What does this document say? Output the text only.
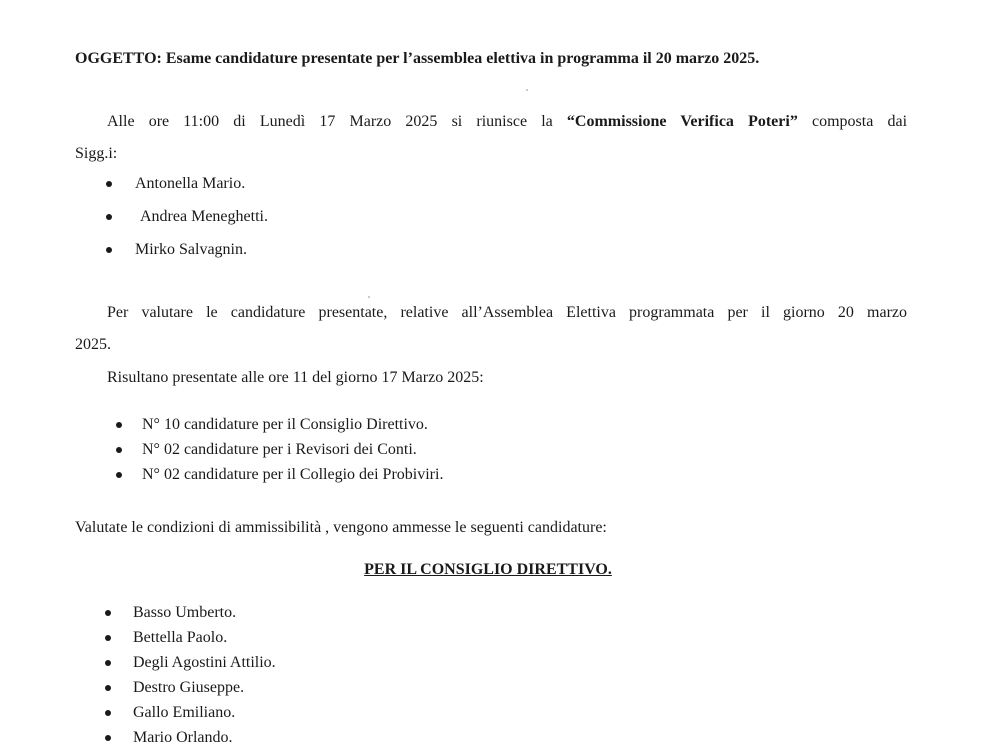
OGGETTO: Esame candidature presentate per l’assemblea elettiva in programma il 20 marzo 2025.
Alle ore 11:00 di Lunedì 17 Marzo 2025 si riunisce la “Commissione Verifica Poteri” composta dai
Sigg.i:
Antonella Mario.
Andrea Meneghetti.
Mirko Salvagnin.
Per valutare le candidature presentate, relative all’Assemblea Elettiva programmata per il giorno 20 marzo
2025.
Risultano presentate alle ore 11 del giorno 17 Marzo 2025:
N° 10 candidature per il Consiglio Direttivo.
N° 02 candidature per i Revisori dei Conti.
N° 02 candidature per il Collegio dei Probiviri.
Valutate le condizioni di ammissibilità , vengono ammesse le seguenti candidature:
PER IL CONSIGLIO DIRETTIVO.
Basso Umberto.
Bettella Paolo.
Degli Agostini Attilio.
Destro Giuseppe.
Gallo Emiliano.
Mario Orlando.
